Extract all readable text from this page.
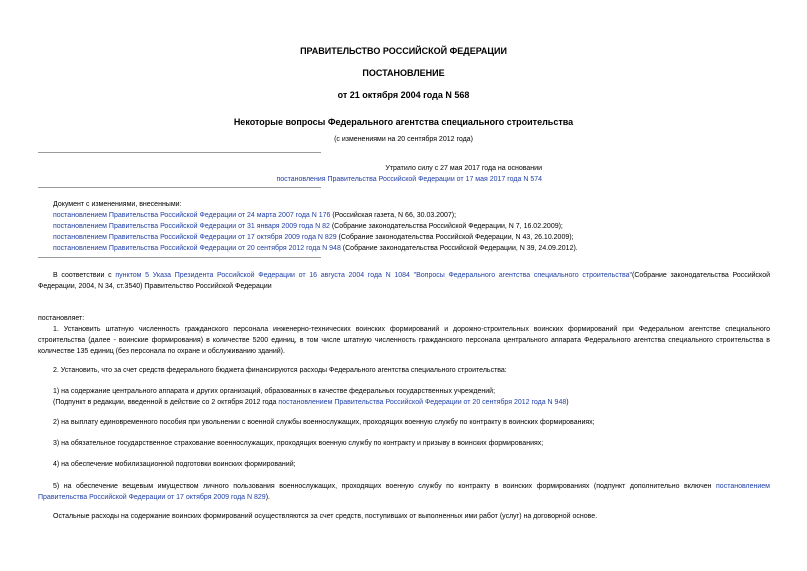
ПРАВИТЕЛЬСТВО РОССИЙСКОЙ ФЕДЕРАЦИИ
ПОСТАНОВЛЕНИЕ
от 21 октября 2004 года N 568
Некоторые вопросы Федерального агентства специального строительства
(с изменениями на 20 сентября 2012 года)
Утратило силу с 27 мая 2017 года на основании
постановления Правительства Российской Федерации от 17 мая 2017 года N 574
Документ с изменениями, внесенными:
постановлением Правительства Российской Федерации от 24 марта 2007 года N 176 (Российская газета, N 66, 30.03.2007);
постановлением Правительства Российской Федерации от 31 января 2009 года N 82 (Собрание законодательства Российской Федерации, N 7, 16.02.2009);
постановлением Правительства Российской Федерации от 17 октября 2009 года N 829 (Собрание законодательства Российской Федерации, N 43, 26.10.2009);
постановлением Правительства Российской Федерации от 20 сентября 2012 года N 948 (Собрание законодательства Российской Федерации, N 39, 24.09.2012).
В соответствии с пунктом 5 Указа Президента Российской Федерации от 16 августа 2004 года N 1084 "Вопросы Федерального агентства специального строительства"(Собрание законодательства Российской Федерации, 2004, N 34, ст.3540) Правительство Российской Федерации
постановляет:
1. Установить штатную численность гражданского персонала инженерно-технических воинских формирований и дорожно-строительных воинских формирований при Федеральном агентстве специального строительства (далее - воинские формирования) в количестве 5200 единиц, в том числе штатную численность гражданского персонала центрального аппарата Федерального агентства специального строительства в количестве 135 единиц (без персонала по охране и обслуживанию зданий).
2. Установить, что за счет средств федерального бюджета финансируются расходы Федерального агентства специального строительства:
1) на содержание центрального аппарата и других организаций, образованных в качестве федеральных государственных учреждений;
(Подпункт в редакции, введенной в действие со 2 октября 2012 года постановлением Правительства Российской Федерации от 20 сентября 2012 года N 948)
2) на выплату единовременного пособия при увольнении с военной службы военнослужащих, проходящих военную службу по контракту в воинских формированиях;
3) на обязательное государственное страхование военнослужащих, проходящих военную службу по контракту и призыву в воинских формированиях;
4) на обеспечение мобилизационной подготовки воинских формирований;
5) на обеспечение вещевым имуществом личного пользования военнослужащих, проходящих военную службу по контракту в воинских формированиях (подпункт дополнительно включен постановлением Правительства Российской Федерации от 17 октября 2009 года N 829).
Остальные расходы на содержание воинских формирований осуществляются за счет средств, поступивших от выполненных ими работ (услуг) на договорной основе.
